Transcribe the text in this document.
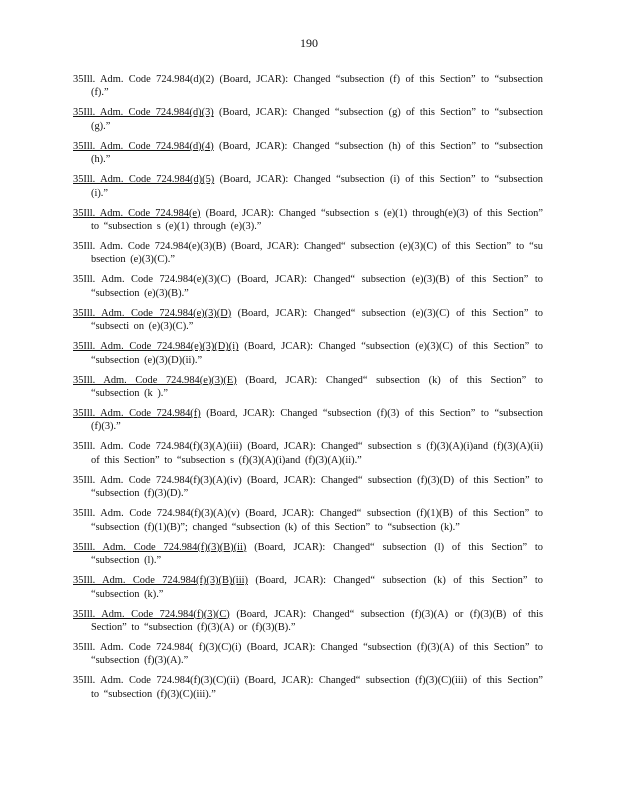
190

35Ill. Adm. Code 724.984(d)(2) (Board, JCAR): Changed “subsection (f) of this Section” to “subsection (f).”

35Ill. Adm. Code 724.984(d)(3) (Board, JCAR): Changed “subsection (g) of this Section” to “subsection (g).”

35Ill. Adm. Code 724.984(d)(4) (Board, JCAR): Changed “subsection (h) of this Section” to “subsection (h).”

35Ill. Adm. Code 724.984(d)(5) (Board, JCAR): Changed “subsection (i) of this Section” to “subsection (i).”

35Ill. Adm. Code 724.984(e) (Board, JCAR): Changed “subsection s (e)(1) through(e)(3) of this Section” to “subsection s (e)(1) through (e)(3).”

35Ill. Adm. Code 724.984(e)(3)(B) (Board, JCAR): Changed“ subsection (e)(3)(C) of this Section” to “su bsection (e)(3)(C).”

35Ill. Adm. Code 724.984(e)(3)(C) (Board, JCAR): Changed“ subsection (e)(3)(B) of this Section” to “subsection (e)(3)(B).”

35Ill. Adm. Code 724.984(e)(3)(D) (Board, JCAR): Changed“ subsection (e)(3)(C) of this Section” to “subsecti on (e)(3)(C).”

35Ill. Adm. Code 724.984(e)(3)(D)(i) (Board, JCAR): Changed “subsection (e)(3)(C) of this Section” to “subsection (e)(3)(D)(ii).”

35Ill. Adm. Code 724.984(e)(3)(E) (Board, JCAR): Changed“ subsection (k) of this Section” to “subsection (k ).”

35Ill. Adm. Code 724.984(f) (Board, JCAR): Changed “subsection (f)(3) of this Section” to “subsection (f)(3).”

35Ill. Adm. Code 724.984(f)(3)(A)(iii) (Board, JCAR): Changed“ subsection s (f)(3)(A)(i)and (f)(3)(A)(ii) of this Section” to “subsection s (f)(3)(A)(i)and (f)(3)(A)(ii).”

35Ill. Adm. Code 724.984(f)(3)(A)(iv) (Board, JCAR): Changed“ subsection (f)(3)(D) of this Section” to “subsection (f)(3)(D).”

35Ill. Adm. Code 724.984(f)(3)(A)(v) (Board, JCAR): Changed“ subsection (f)(1)(B) of this Section” to “subsection (f)(1)(B)”; changed “subsection (k) of this Section” to “subsection (k).”

35Ill. Adm. Code 724.984(f)(3)(B)(ii) (Board, JCAR): Changed“ subsection (l) of this Section” to “subsection (l).”

35Ill. Adm. Code 724.984(f)(3)(B)(iii) (Board, JCAR): Changed“ subsection (k) of this Section” to “subsection (k).”

35Ill. Adm. Code 724.984(f)(3)(C) (Board, JCAR): Changed“ subsection (f)(3)(A) or (f)(3)(B) of this Section” to “subsection (f)(3)(A) or (f)(3)(B).”

35Ill. Adm. Code 724.984( f)(3)(C)(i) (Board, JCAR): Changed “subsection (f)(3)(A) of this Section” to “subsection (f)(3)(A).”

35Ill. Adm. Code 724.984(f)(3)(C)(ii) (Board, JCAR): Changed“ subsection (f)(3)(C)(iii) of this Section” to “subsection (f)(3)(C)(iii).”
